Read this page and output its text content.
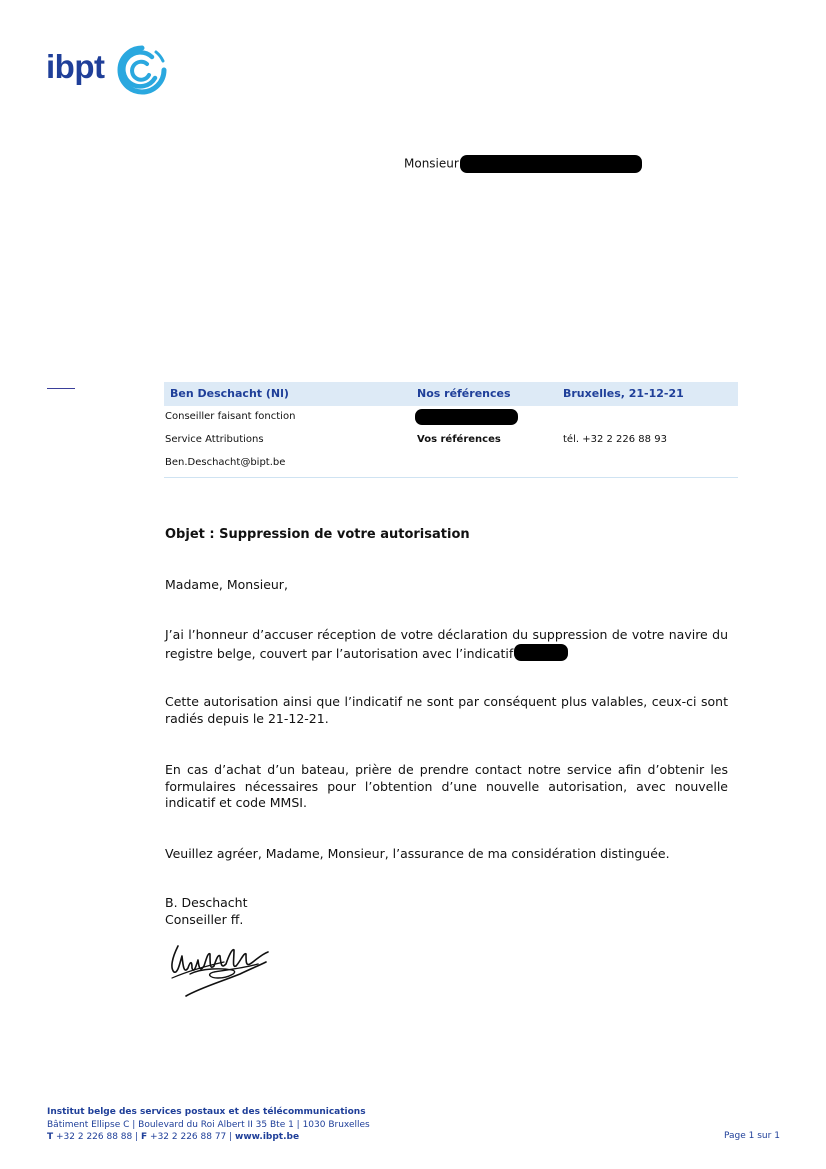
ibpt
Monsieur
Ben Deschacht (Nl)	Nos références	Bruxelles, 21-12-21
Conseiller faisant fonction
Service Attributions	Vos références	tél. +32 2 226 88 93
Ben.Deschacht@bipt.be
Objet : Suppression de votre autorisation
Madame, Monsieur,
J’ai l’honneur d’accuser réception de votre déclaration du suppression de votre navire du registre belge, couvert par l’autorisation avec l’indicatif
Cette autorisation ainsi que l’indicatif ne sont par conséquent plus valables, ceux-ci sont radiés depuis le 21-12-21.
En cas d’achat d’un bateau, prière de prendre contact notre service afin d’obtenir les formulaires nécessaires pour l’obtention d’une nouvelle autorisation, avec nouvelle indicatif et code MMSI.
Veuillez agréer, Madame, Monsieur, l’assurance de ma considération distinguée.
B. Deschacht
Conseiller ff.
Institut belge des services postaux et des télécommunications
Bâtiment Ellipse C | Boulevard du Roi Albert II 35 Bte 1 | 1030 Bruxelles
T +32 2 226 88 88 | F +32 2 226 88 77 | www.ibpt.be	Page 1 sur 1
